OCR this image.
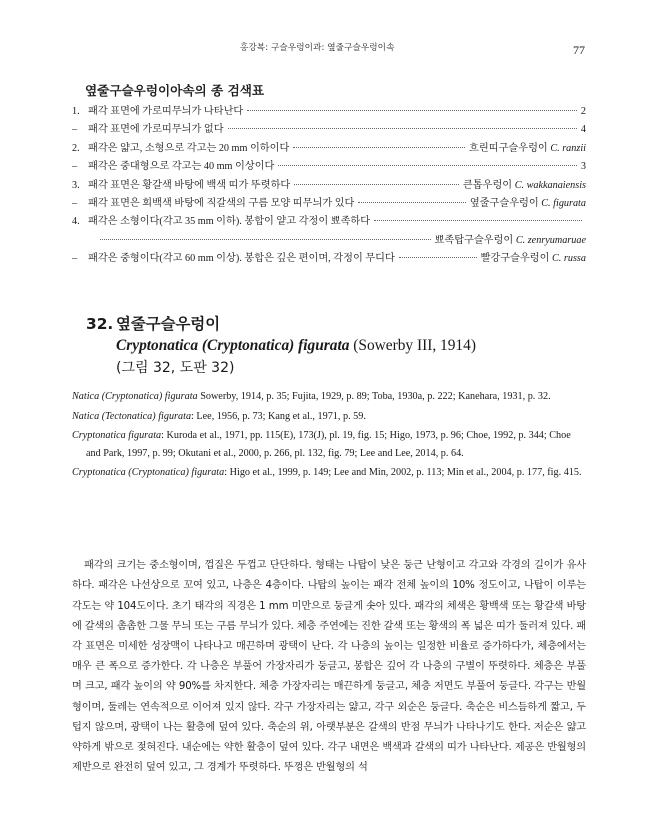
홍강복: 구슬우렁이과: 옆줄구슬우렁이속	77
옆줄구슬우렁이아속의 종 검색표
1. 패각 표면에 가로띠무늬가 나타난다	2
–	패각 표면에 가로띠무늬가 없다	4
2. 패각은 얇고, 소형으로 각고는 20 mm 이하이다	흐린띠구슬우렁이 C. ranzii
–	패각은 중대형으로 각고는 40 mm 이상이다	3
3. 패각 표면은 황갈색 바탕에 백색 띠가 뚜렷하다	큰톱우렁이 C. wakkanaiensis
–	패각 표면은 회백색 바탕에 직갈색의 구름 모양 띠무늬가 있다	옆줄구슬우렁이 C. figurata
4. 패각은 소형이다(각고 35 mm 이하). 봉합이 얕고 각정이 뾰족하다
뾰족탑구슬우렁이 C. zenryumaruae
–	패각은 중형이다(각고 60 mm 이상). 봉합은 깊은 편이며, 각정이 무디다	빨강구슬우렁이 C. russa
32. 옆줄구슬우렁이
Cryptonatica (Cryptonatica) figurata (Sowerby III, 1914)
(그림 32, 도판 32)
Natica (Cryptonatica) figurata Sowerby, 1914, p. 35; Fujita, 1929, p. 89; Toba, 1930a, p. 222; Kanehara, 1931, p. 32.
Natica (Tectonatica) figurata: Lee, 1956, p. 73; Kang et al., 1971, p. 59.
Cryptonatica figurata: Kuroda et al., 1971, pp. 115(E), 173(J), pl. 19, fig. 15; Higo, 1973, p. 96; Choe, 1992, p. 344; Choe and Park, 1997, p. 99; Okutani et al., 2000, p. 266, pl. 132, fig. 79; Lee and Lee, 2014, p. 64.
Cryptonatica (Cryptonatica) figurata: Higo et al., 1999, p. 149; Lee and Min, 2002, p. 113; Min et al., 2004, p. 177, fig. 415.

패각의 크기는 중소형이며, 껍질은 두껍고 단단하다. 형태는 나탑이 낮은 둥근 난형이고 각고와 각경의 길이가 유사하다. 패각은 나선상으로 꼬여 있고, 나층은 4층이다. 나탑의 높이는 패각 전체 높이의 10% 정도이고, 나탑이 이루는 각도는 약 104도이다. 초기 태각의 직경은 1 mm 미만으로 둥글게 솟아 있다. 패각의 체색은 황백색 또는 황갈색 바탕에 갈색의 촘촘한 그물 무늬 또는 구름 무늬가 있다. 체층 주연에는 진한 갈색 또는 황색의 폭 넓은 띠가 둘러져 있다. 패각 표면은 미세한 성장맥이 나타나고 매끈하며 광택이 난다. 각 나층의 높이는 일정한 비율로 증가하다가, 체층에서는 매우 큰 폭으로 증가한다. 각 나층은 부풀어 가장자리가 둥글고, 봉합은 깊어 각 나층의 구별이 뚜렷하다. 체층은 부풀며 크고, 패각 높이의 약 90%를 차지한다. 체층 가장자리는 매끈하게 둥글고, 체층 저면도 부풀어 둥글다. 각구는 반월형이며, 둘레는 연속적으로 이어져 있지 않다. 각구 가장자리는 얇고, 각구 외순은 둥글다. 축순은 비스듬하게 짧고, 두텁지 않으며, 광택이 나는 활층에 덮여 있다. 축순의 위, 아랫부분은 갈색의 반점 무늬가 나타나기도 한다. 저순은 얇고 약하게 밖으로 젖혀진다. 내순에는 약한 활층이 덮여 있다. 각구 내면은 백색과 갈색의 띠가 나타난다. 제공은 반월형의 제반으로 완전히 덮여 있고, 그 경계가 뚜렷하다. 뚜껑은 반월형의 석
